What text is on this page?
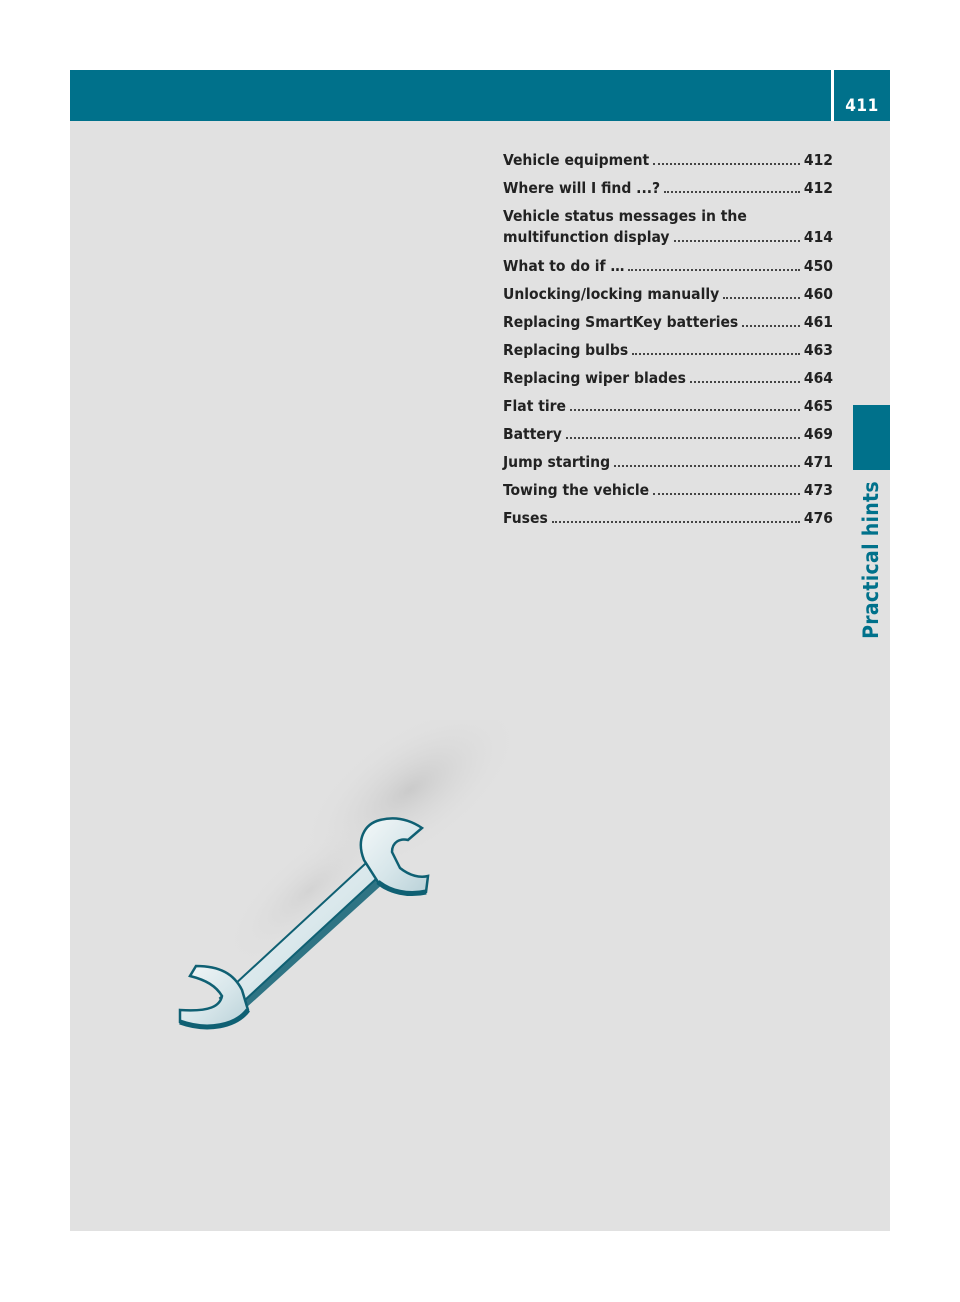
411
Practical hints
Vehicle equipment	412
Where will I find ...?	412
Vehicle status messages in the
multifunction display	414
What to do if …	450
Unlocking/locking manually	460
Replacing SmartKey batteries	461
Replacing bulbs	463
Replacing wiper blades	464
Flat tire	465
Battery	469
Jump starting	471
Towing the vehicle	473
Fuses	476
